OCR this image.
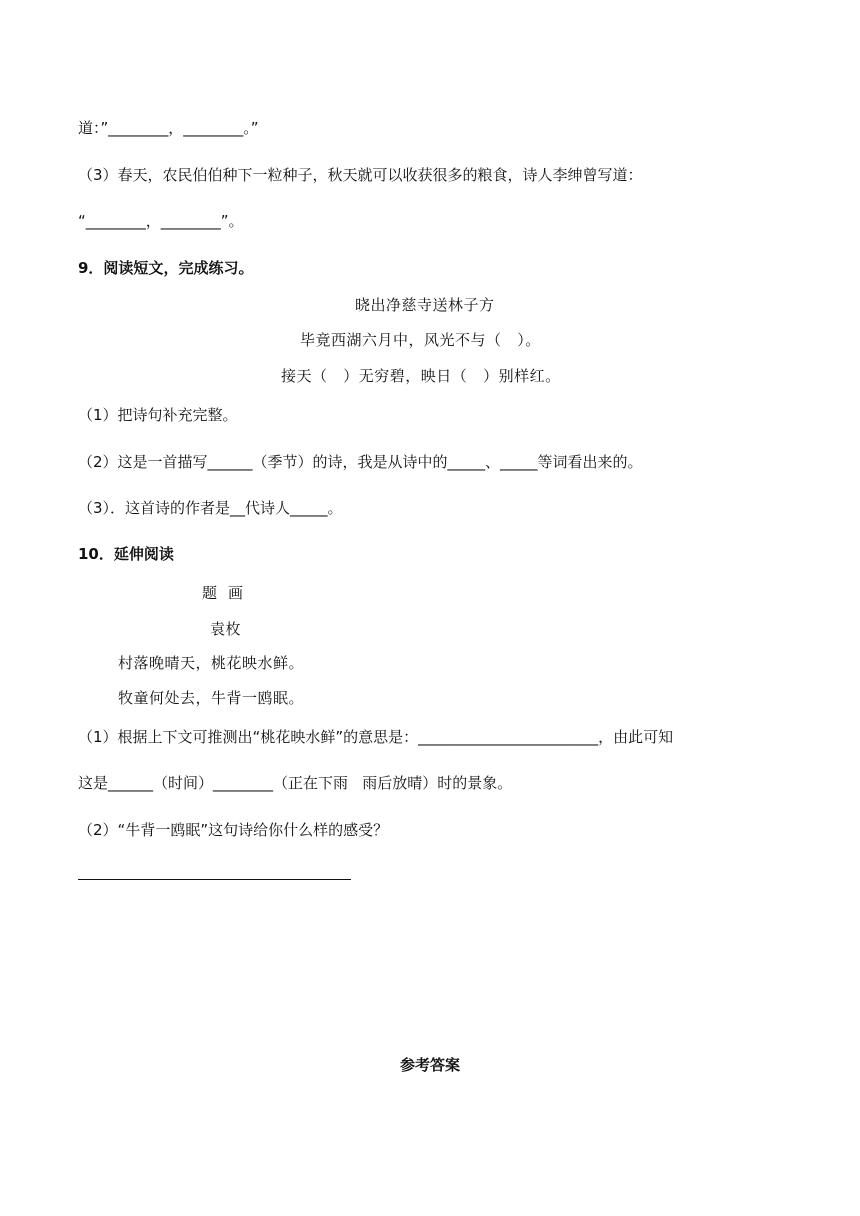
道：”________，________。”
（3）春天，农民伯伯种下一粒种子，秋天就可以收获很多的粮食，诗人李绅曾写道：
“________，________”。
9．阅读短文，完成练习。
晓出净慈寺送林子方
毕竟西湖六月中，风光不与（   ）。
接天（   ）无穷碧，映日（   ）别样红。
（1）把诗句补充完整。
（2）这是一首描写______（季节）的诗，我是从诗中的_____、_____等词看出来的。
（3）．这首诗的作者是__代诗人_____。
10．延伸阅读
题  画
袁枚
村落晚晴天，桃花映水鲜。
牧童何处去，牛背一鸥眠。
（1）根据上下文可推测出“桃花映水鲜”的意思是：________________________，由此可知
这是______（时间）________（正在下雨   雨后放晴）时的景象。
（2）“牛背一鸥眠”这句诗给你什么样的感受？
参考答案
